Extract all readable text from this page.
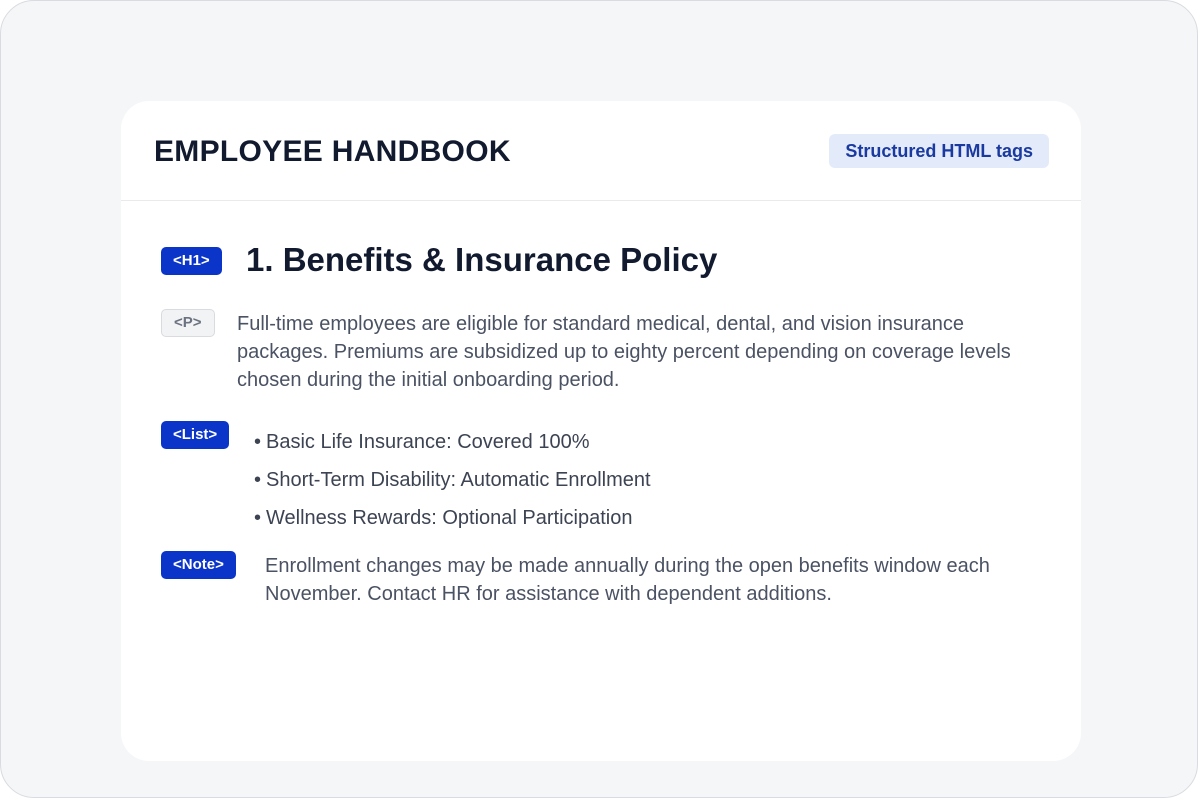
EMPLOYEE HANDBOOK	Structured HTML tags
<H1>	1. Benefits & Insurance Policy
<P>	Full-time employees are eligible for standard medical, dental, and vision insurance
packages. Premiums are subsidized up to eighty percent depending on coverage levels
chosen during the initial onboarding period.
<List>	• Basic Life Insurance: Covered 100%
• Short-Term Disability: Automatic Enrollment
• Wellness Rewards: Optional Participation
<Note>	Enrollment changes may be made annually during the open benefits window each
November. Contact HR for assistance with dependent additions.
